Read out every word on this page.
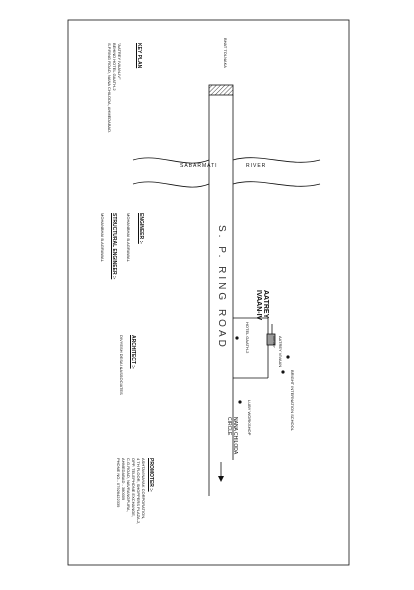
KEY PLAN
"AATREY IVAAN-IV"
BEHIND HOTEL GAATH-2
S.P.RING ROAD, NANA CHILODA, AHMEDABAD.
ENGINEER :-
MOHANBHAI B.AGRAWAL
STRUCTURAL ENGINEER :-
MOHANBHAI B.AGRAWAL
ARCHITECT :-
DIVYESH DESAI &ASSOCIATES
PROMOTER :-
ASHTAVINAYAK CORPORATION,
4 TH FLOOR, SHOPPERS PLAZA-2,
OPP. TELEPHONE EXCHANGE,
C.G.ROAD, NAVRANGPURA,
AHMEDABAD - 380009
PHONE NO.- 07926422339
BHAT TOLNAKA
SABARMATI	RIVER
S. P. RING ROAD	AATREY
IVAAN-IV
HOTEL GAATH-2	AATREY VIVAAN
AATREY
BRIGHT INTERNATION SCHOOL
LUBY WORKSHOP
NANA CHILODA
CIRCLE
